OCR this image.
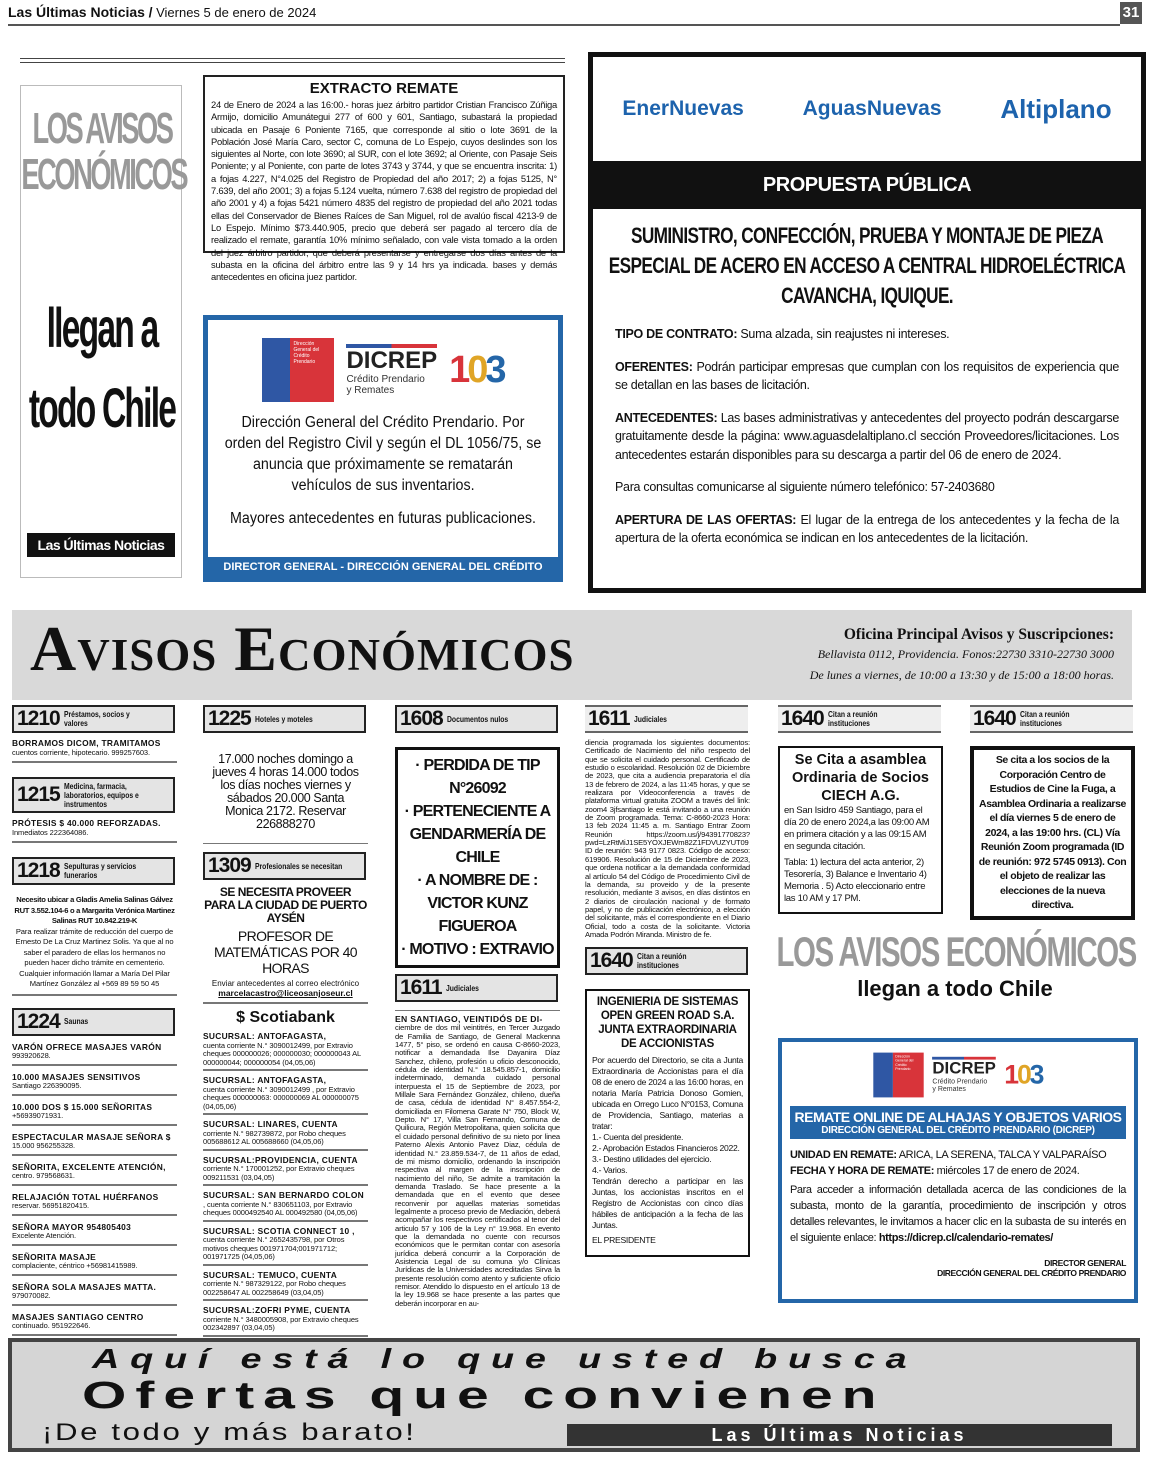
Las Últimas Noticias / Viernes 5 de enero de 2024	31
LOS AVISOS ECONÓMICOS
llegan a todo Chile
Las Últimas Noticias
EXTRACTO REMATE

24 de Enero de 2024 a las 16:00.- horas juez árbitro partidor Cristian Francisco Zúñiga Armijo, domicilio Amunátegui 277 of 600 y 601, Santiago, subastará la propiedad ubicada en Pasaje 6 Poniente 7165, que corresponde al sitio o lote 3691 de la Población José María Caro, sector C, comuna de Lo Espejo, cuyos deslindes son los siguientes al Norte, con lote 3690; al SUR, con el lote 3692; al Oriente, con Pasaje Seis Poniente; y al Poniente, con parte de lotes 3743 y 3744, y que se encuentra inscrita: 1) a fojas 4.227, N°4.025 del Registro de Propiedad del año 2017; 2) a fojas 5125, N° 7.639, del año 2001; 3) a fojas 5.124 vuelta, número 7.638 del registro de propiedad del año 2001 y 4) a fojas 5421 número 4835 del registro de propiedad del año 2021 todas ellas del Conservador de Bienes Raíces de San Miguel, rol de avalúo fiscal 4213-9 de Lo Espejo. Mínimo $73.440.905, precio que deberá ser pagado al tercero día de realizado el remate, garantía 10% mínimo señalado, con vale vista tomado a la orden del juez árbitro partidor, que deberá presentarse y entregarse dos días antes de la subasta en la oficina del árbitro entre las 9 y 14 hrs ya indicada. bases y demás antecedentes en oficina juez partidor.

Dirección General del Crédito Prendario	DICREP
Crédito Prendario
y Remates	103
Dirección General del Crédito Prendario. Por orden del Registro Civil y según el DL 1056/75, se anuncia que próximamente se rematarán vehículos de sus inventarios.
Mayores antecedentes en futuras publicaciones.
DIRECTOR GENERAL - DIRECCIÓN GENERAL DEL CRÉDITO PRENDARIO
EnerNuevas	AguasNuevas Altiplano
PROPUESTA PÚBLICA
SUMINISTRO, CONFECCIÓN, PRUEBA Y MONTAJE DE PIEZA ESPECIAL DE ACERO EN ACCESO A CENTRAL HIDROELÉCTRICA CAVANCHA, IQUIQUE.

TIPO DE CONTRATO: Suma alzada, sin reajustes ni intereses.

OFERENTES: Podrán participar empresas que cumplan con los requisitos de experiencia que se detallan en las bases de licitación.

ANTECEDENTES: Las bases administrativas y antecedentes del proyecto podrán descargarse gratuitamente desde la página: www.aguasdelaltiplano.cl sección Proveedores/licitaciones. Los antecedentes estarán disponibles para su descarga a partir del 06 de enero de 2024.

Para consultas comunicarse al siguiente número telefónico: 57-2403680

APERTURA DE LAS OFERTAS: El lugar de la entrega de los antecedentes y la fecha de la apertura de la oferta económica se indican en los antecedentes de la licitación.

Avisos Económicos	Oficina Principal Avisos y Suscripciones:

Bellavista 0112, Providencia. Fonos:22730 3310-22730 3000

De lunes a viernes, de 10:00 a 13:30 y de 15:00 a 18:00 horas.

1210 Préstamos, socios y valores
BORRAMOS DICOM, TRAMITAMOS
cuentos corriente, hipotecario. 999257603.
1215 Medicina, farmacia, laboratorios, equipos e instrumentos
PRÓTESIS $ 40.000 REFORZADAS.
Inmediatos 222364086.
1218 Sepulturas y servicios funerarios
Necesito ubicar a Gladis Amelia Salinas Gálvez RUT 3.552.104-6 o a Margarita Verónica Martinez Salinas RUT 10.842.219-K
Para realizar trámite de reducción del cuerpo de Ernesto De La Cruz Martinez Solis. Ya que al no saber el paradero de ellas los hermanos no pueden hacer dicho trámite en cementerio. Cualquier información llamar a María Del Pilar Martínez González al +569 89 59 50 45
1224 Saunas
VARÓN OFRECE MASAJES VARÓN
993920628.
10.000 MASAJES SENSITIVOS
Santiago 226390095.
10.000 DOS $ 15.000 SEÑORITAS
+56939071931.
ESPECTACULAR MASAJE SEÑORA $
15.000 956255328.
SEÑORITA, EXCELENTE ATENCIÓN,
centro. 979568631.
RELAJACIÓN TOTAL HUÉRFANOS
reservar. 56951820415.
SEÑORA MAYOR 954805403
Excelente Atención.
SEÑORITA MASAJE
complaciente, céntrico +56981415989.
SEÑORA SOLA MASAJES MATTA.
979070082.
MASAJES SANTIAGO CENTRO
continuado. 951922646.
1225 Hoteles y moteles
17.000 noches domingo a jueves 4 horas 14.000 todos los días noches viernes y sábados 20.000 Santa Monica 2172. Reservar 226888270
1309 Profesionales se necesitan
SE NECESITA PROVEER PARA LA CIUDAD DE PUERTO AYSÉN
PROFESOR DE MATEMÁTICAS POR 40 HORAS
Enviar antecedentes al correo electrónico
marcelacastro@liceosanjoseur.cl
$ Scotiabank
SUCURSAL: ANTOFAGASTA,
cuenta corriente N.° 3090012499, por Extravio cheques 000000026; 000000030; 000000043 AL 000000044; 000000054 (04,05,06)
SUCURSAL: ANTOFAGASTA,
cuenta corriente N.° 3090012499 , por Extravio cheques 000000063: 000000069 AL 000000075 (04,05,06)
SUCURSAL: LINARES, CUENTA
corriente N.° 982739872, por Robo cheques 005688612 AL 005688660 (04,05,06)
SUCURSAL:PROVIDENCIA, CUENTA
corriente N.° 170001252, por Extravio cheques 009211531 (03,04,05)
SUCURSAL: SAN BERNARDO COLON
, cuenta corriente N.° 830651103, por Extravio cheques 0000492540 AL 000492580 (04,05,06)
SUCURSAL: SCOTIA CONNECT 10 ,
cuenta corriente N.° 2652435798, por Otros motivos cheques 001971704;001971712; 001971725 (04,05,06)
SUCURSAL: TEMUCO, CUENTA
corriente N.° 987329122, por Robo cheques 002258647 AL 002258649 (03,04,05)
SUCURSAL:ZOFRI PYME, CUENTA
corriente N.° 3480005908, por Extravio cheques 002342897 (03,04,05)
1608 Documentos nulos
· PERDIDA DE TIP N°26092
· PERTENECIENTE A GENDARMERÍA DE CHILE
· A NOMBRE DE : VICTOR KUNZ FIGUEROA
· MOTIVO : EXTRAVIO
1611 Judiciales
EN SANTIAGO, VEINTIDÓS DE DI-
ciembre de dos mil veintitrés, en Tercer Juzgado de Familia de Santiago, de General Mackenna 1477, 5° piso, se ordenó en causa C-8660-2023, notificar a demandada Ilse Dayanira Díaz Sanchez, chileno, profesión u oficio desconocido, cédula de identidad N.° 18.545.857-1, domicilio indeterminado, demanda cuidado personal interpuesta el 15 de Septiembre de 2023, por Millale Sara Fernández González, chileno, dueña de casa, cédula de identidad N° 8.457.554-2, domiciliada en Filomena Garate N° 750, Block W, Depto. N° 17, Villa San Fernando, Comuna de Quilicura, Región Metropolitana, quien solicita que el cuidado personal definitivo de su nieto por linea Paterno Alexis Antonio Pavez Diaz, cédula de identidad N.° 23.859.534-7, de 11 años de edad, de mi mismo domicilio, ordenando la inscripción respectiva al margen de la inscripción de nacimiento del niño, Se admite a tramitación la demanda Traslado. Se hace presente a la demandada que en el evento que desee reconvenir por aquellas materias sometidas legalmente a proceso previo de Mediación, deberá acompañar los respectivos certificados al tenor del articulo 57 y 106 de la Ley n° 19.968. En evento que la demandada no cuente con recursos económicos que le permitan contar con asesoría jurídica deberá concurrir a la Corporación de Asistencia Legal de su comuna y/o Clínicas Jurídicas de la Universidades acreditadas Sirva la presente resolución como atento y suficiente oficio remisor. Atendido lo dispuesto en el artículo 13 de la ley 19.968 se hace presente a las partes que deberán incorporar en au-
1611 Judiciales
diencia programada los siguientes documentos: Certificado de Nacimiento del niño respecto del que se solicita el cuidado personal. Certificado de estudio o escolaridad. Resolución 02 de Diciembre de 2023, que cita a audiencia preparatoria el día 13 de febrero de 2024, a las 11:45 horas, y que se realizara por Videoconferencia a través de plataforma virtual gratuita ZOOM a través del link: zoom4 3jfsantiago le está invitando a una reunión de Zoom programada. Tema: C-8660-2023 Hora: 13 feb 2024 11:45 a. m. Santiago Entrar Zoom Reunión https://zoom.us/j/94391770823?pwd=LzRtMiJ1SE5YOXJEWm82Z1FDVUZYUT09 ID de reunión: 943 9177 0823. Código de acceso: 619906. Resolución de 15 de Diciembre de 2023, que ordena notificar a la demandada conformidad al artículo 54 del Código de Procedimiento Civil de la demanda, su proveido y de la presente resolución, mediante 3 avisos, en días distintos en 2 diarios de circulación nacional y de formato papel, y no de publicación electrónico, a elección del solicitante, más el correspondiente en el Diario Oficial, todo a costa de la solicitante. Victoria Amada Podrón Miranda. Ministro de fe.
1640 Citan a reunión instituciones
INGENIERIA DE SISTEMAS OPEN GREEN ROAD S.A. JUNTA EXTRAORDINARIA DE ACCIONISTAS
Por acuerdo del Directorio, se cita a Junta Extraordinaria de Accionistas para el día 08 de enero de 2024 a las 16:00 horas, en notaria María Patricia Donoso Gomien, ubicada en Orrego Luco N°0153, Comuna de Providencia, Santiago, materias a tratar:
1.- Cuenta del presidente.
2.- Aprobación Estados Financieros 2022.
3.- Destino utilidades del ejercicio.
4.- Varios.
Tendrán derecho a participar en las Juntas, los accionistas inscritos en el Registro de Accionistas con cinco días hábiles de anticipación a la fecha de las Juntas.
EL PRESIDENTE
1640 Citan a reunión instituciones
Se Cita a asamblea Ordinaria de Socios CIECH A.G.
en San Isidro 459 Santiago, para el día 20 de enero 2024,a las 09:00 AM en primera citación y a las 09:15 AM en segunda citación.
Tabla: 1) lectura del acta anterior, 2) Tesorería, 3) Balance e Inventario 4) Memoria . 5) Acto eleccionario entre las 10 AM y 17 PM.
1640 Citan a reunión instituciones
Se cita a los socios de la Corporación Centro de Estudios de Cine la Fuga, a Asamblea Ordinaria a realizarse el día viernes 5 de enero de 2024, a las 19:00 hrs. (CL) Vía Reunión Zoom programada (ID de reunión: 972 5745 0913). Con el objeto de realizar las elecciones de la nueva directiva.
LOS AVISOS ECONÓMICOS
llegan a todo Chile
Dirección General del Crédito Prendario DICREP
Crédito Prendario
y Remates	103
REMATE ONLINE DE ALHAJAS Y OBJETOS VARIOS
DIRECCIÓN GENERAL DEL CRÉDITO PRENDARIO (DICREP)
UNIDAD EN REMATE: ARICA, LA SERENA, TALCA Y VALPARAÍSO
FECHA Y HORA DE REMATE: miércoles 17 de enero de 2024.
Para acceder a información detallada acerca de las condiciones de la subasta, monto de la garantía, procedimiento de inscripción y otros detalles relevantes, le invitamos a hacer clic en la subasta de su interés en el siguiente enlace: https://dicrep.cl/calendario-remates/
DIRECTOR GENERAL
DIRECCIÓN GENERAL DEL CRÉDITO PRENDARIO
Aquí está lo que usted busca
Ofertas que convienen
¡De todo y más barato!	Las Últimas Noticias
